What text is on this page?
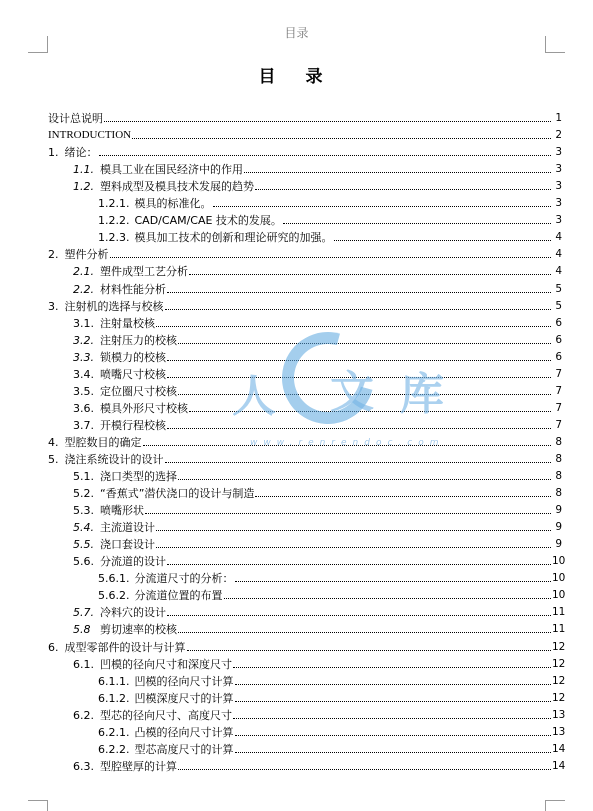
目录
目 录
设计总说明	1
INTRODUCTION	2
1. 绪论：	3
1.1. 模具工业在国民经济中的作用	3
1.2. 塑料成型及模具技术发展的趋势	3
1.2.1. 模具的标准化。	3
1.2.2. CAD/CAM/CAE 技术的发展。	3
1.2.3. 模具加工技术的创新和理论研究的加强。	4
2. 塑件分析	4
2.1. 塑件成型工艺分析	4
2.2. 材料性能分析	5
3. 注射机的选择与校核	5
3.1. 注射量校核	6
3.2. 注射压力的校核	6
3.3. 锁模力的校核	6
3.4. 喷嘴尺寸校核	7
3.5. 定位圈尺寸校核	7
3.6. 模具外形尺寸校核	7
3.7. 开模行程校核	7
4. 型腔数目的确定	8
5. 浇注系统设计的设计	8
5.1. 浇口类型的选择	8
5.2. “香蕉式”潜伏浇口的设计与制造	8
5.3. 喷嘴形状	9
5.4. 主流道设计	9
5.5. 浇口套设计	9
5.6. 分流道的设计	10
5.6.1. 分流道尺寸的分析：	10
5.6.2. 分流道位置的布置	10
5.7. 冷料穴的设计	11
5.8 剪切速率的校核	11
6. 成型零部件的设计与计算	12
6.1. 凹模的径向尺寸和深度尺寸	12
6.1.1. 凹模的径向尺寸计算	12
6.1.2. 凹模深度尺寸的计算	12
6.2. 型芯的径向尺寸、高度尺寸	13
6.2.1. 凸模的径向尺寸计算	13
6.2.2. 型芯高度尺寸的计算	14
6.3. 型腔壁厚的计算	14
人 文 库
www.renrendoc.com
